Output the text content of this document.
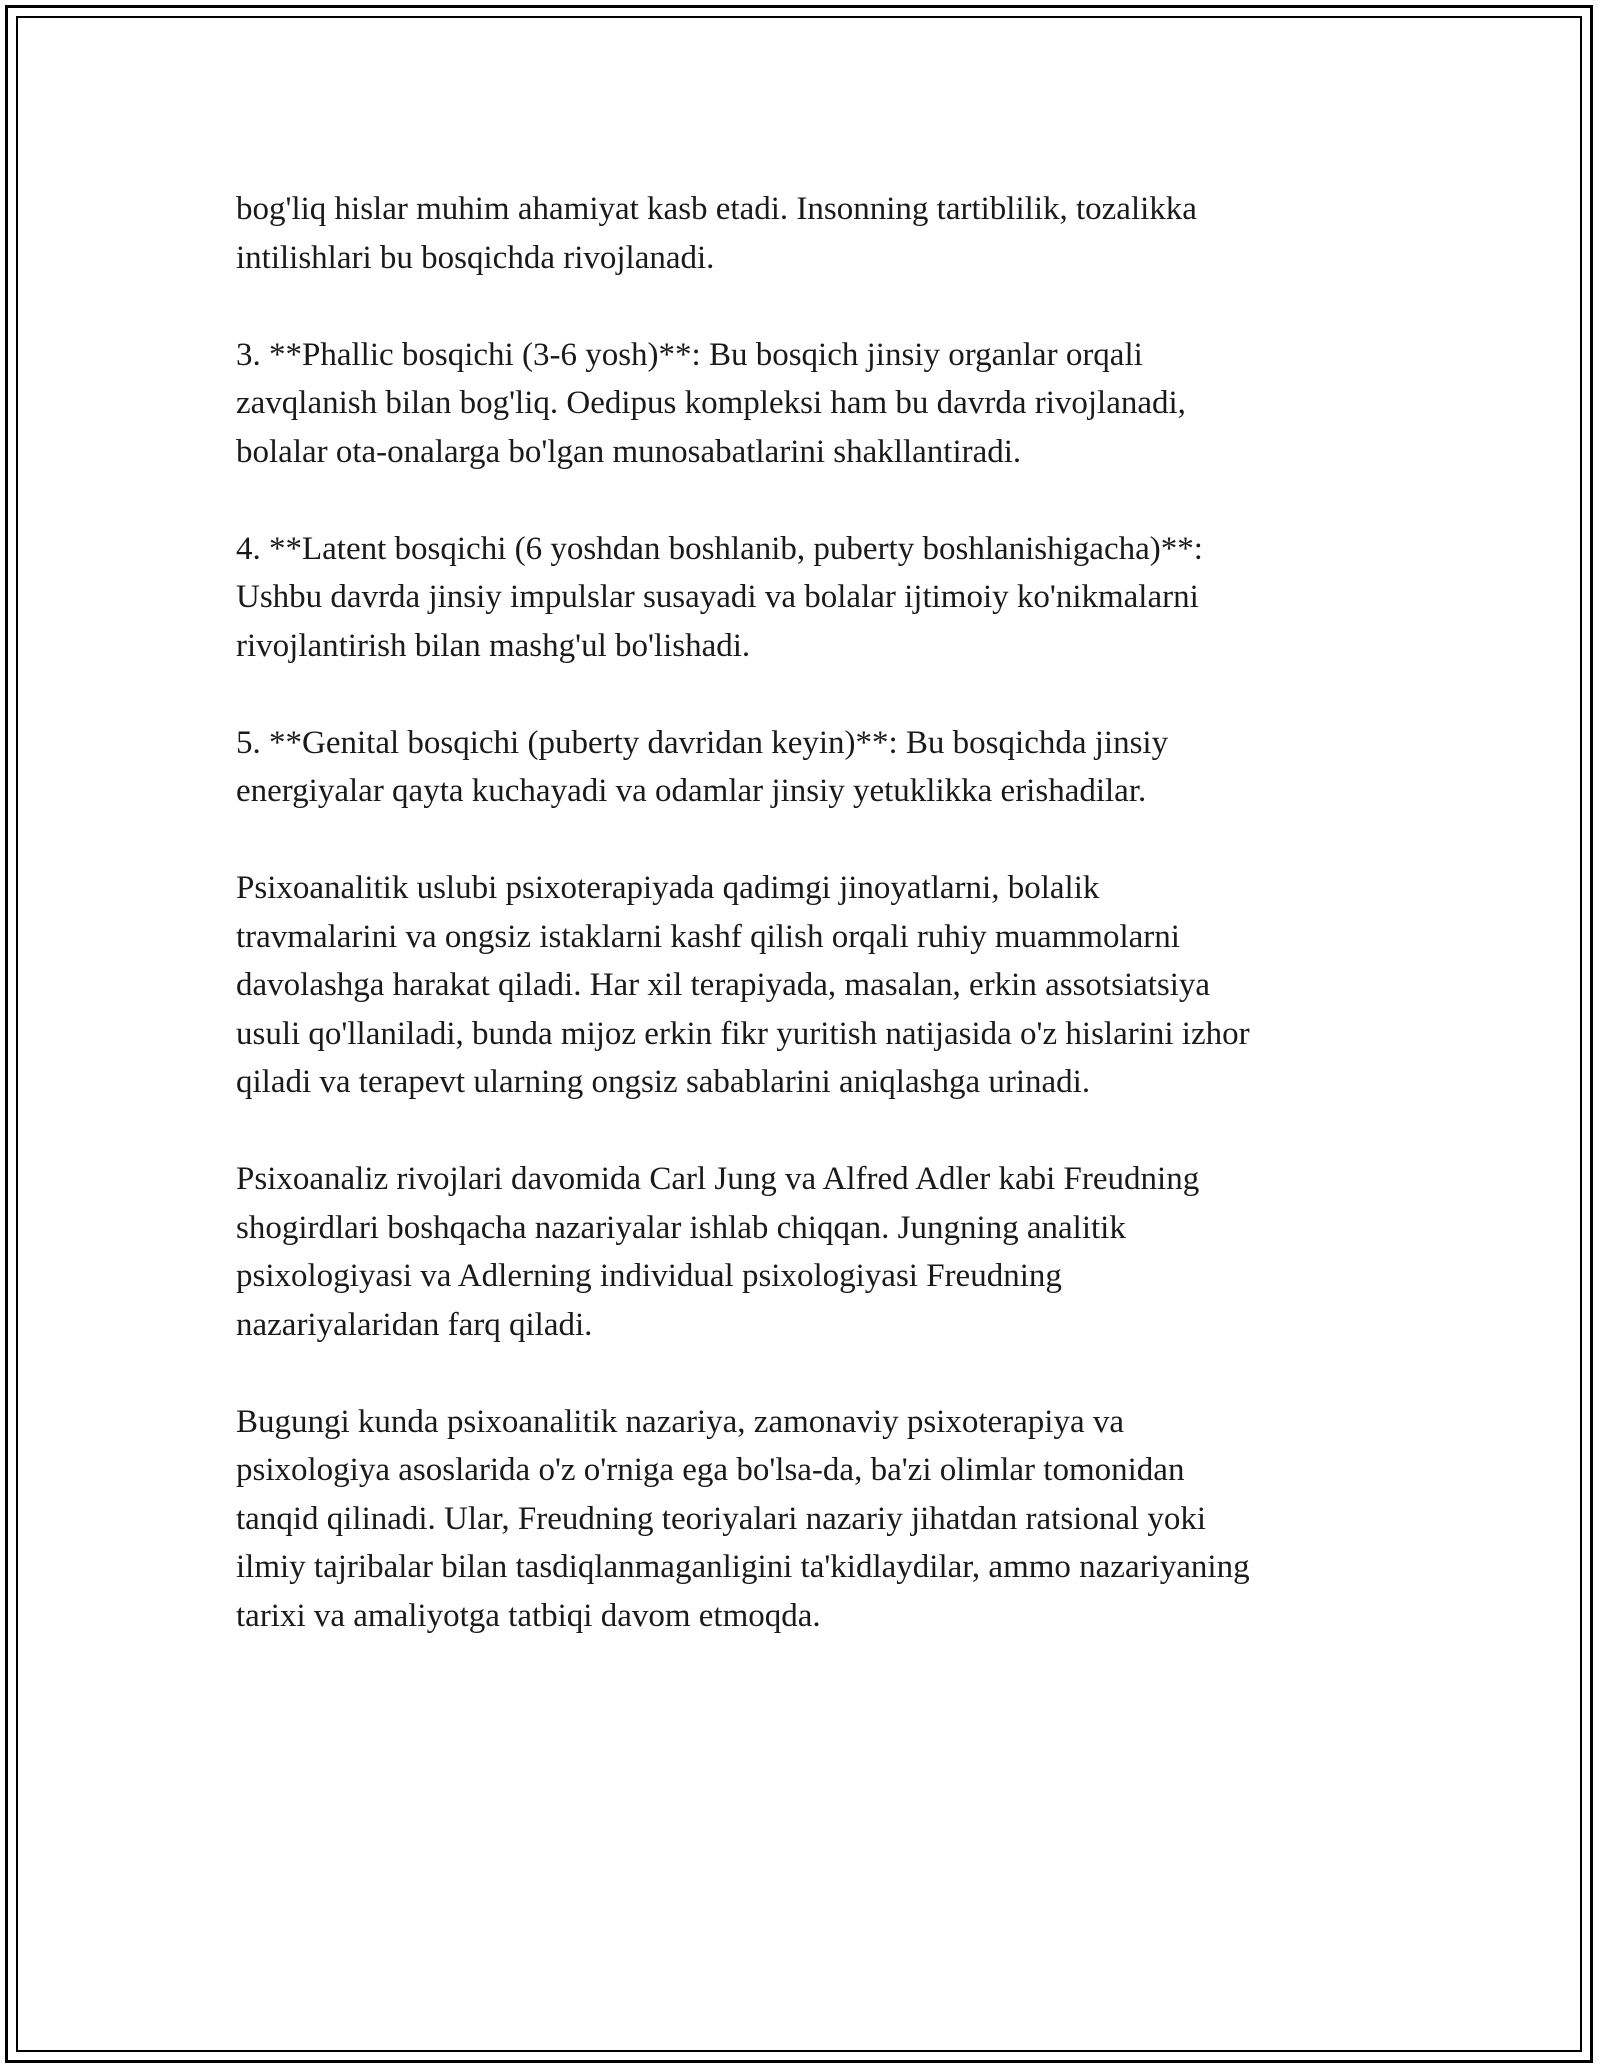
bog'liq hislar muhim ahamiyat kasb etadi. Insonning tartiblilik, tozalikka
intilishlari bu bosqichda rivojlanadi.

3. **Phallic bosqichi (3-6 yosh)**: Bu bosqich jinsiy organlar orqali
zavqlanish bilan bog'liq. Oedipus kompleksi ham bu davrda rivojlanadi,
bolalar ota-onalarga bo'lgan munosabatlarini shakllantiradi.

4. **Latent bosqichi (6 yoshdan boshlanib, puberty boshlanishigacha)**:
Ushbu davrda jinsiy impulslar susayadi va bolalar ijtimoiy ko'nikmalarni
rivojlantirish bilan mashg'ul bo'lishadi.

5. **Genital bosqichi (puberty davridan keyin)**: Bu bosqichda jinsiy
energiyalar qayta kuchayadi va odamlar jinsiy yetuklikka erishadilar.

Psixoanalitik uslubi psixoterapiyada qadimgi jinoyatlarni, bolalik
travmalarini va ongsiz istaklarni kashf qilish orqali ruhiy muammolarni
davolashga harakat qiladi. Har xil terapiyada, masalan, erkin assotsiatsiya
usuli qo'llaniladi, bunda mijoz erkin fikr yuritish natijasida o'z hislarini izhor
qiladi va terapevt ularning ongsiz sabablarini aniqlashga urinadi.

Psixoanaliz rivojlari davomida Carl Jung va Alfred Adler kabi Freudning
shogirdlari boshqacha nazariyalar ishlab chiqqan. Jungning analitik
psixologiyasi va Adlerning individual psixologiyasi Freudning
nazariyalaridan farq qiladi.

Bugungi kunda psixoanalitik nazariya, zamonaviy psixoterapiya va
psixologiya asoslarida o'z o'rniga ega bo'lsa-da, ba'zi olimlar tomonidan
tanqid qilinadi. Ular, Freudning teoriyalari nazariy jihatdan ratsional yoki
ilmiy tajribalar bilan tasdiqlanmaganligini ta'kidlaydilar, ammo nazariyaning
tarixi va amaliyotga tatbiqi davom etmoqda.
